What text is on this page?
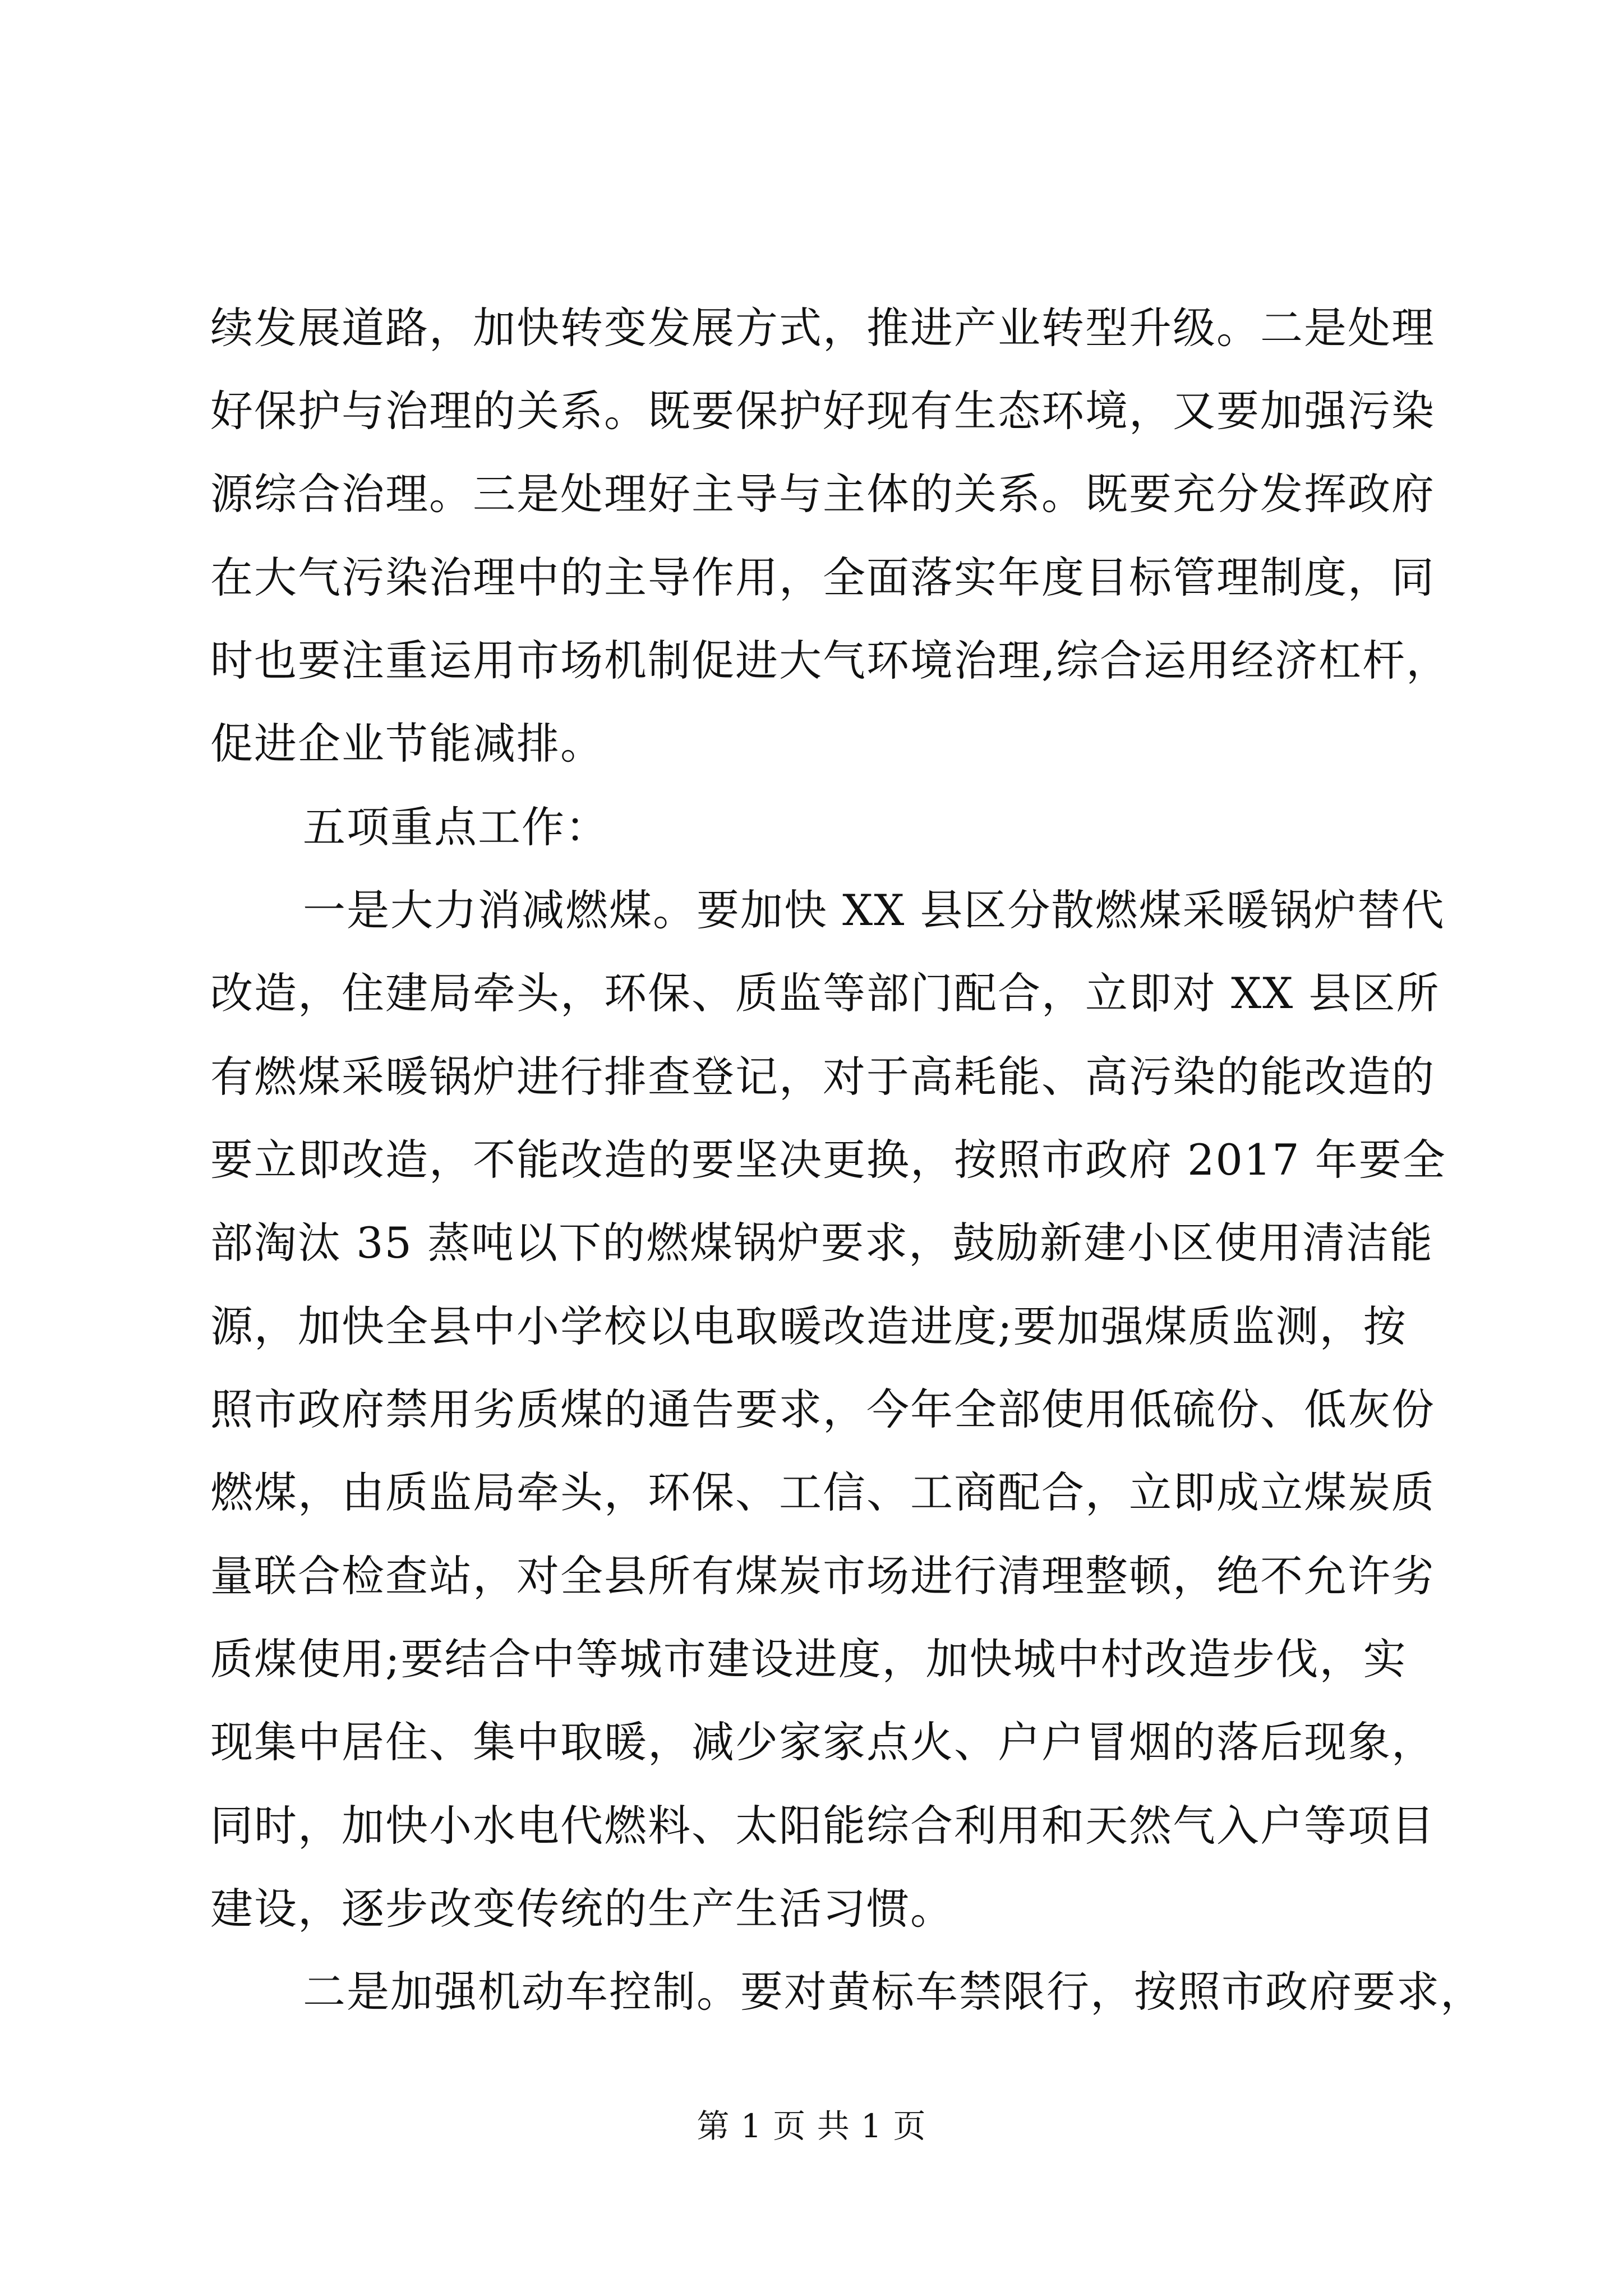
续发展道路，加快转变发展方式，推进产业转型升级。二是处理
好保护与治理的关系。既要保护好现有生态环境，又要加强污染
源综合治理。三是处理好主导与主体的关系。既要充分发挥政府
在大气污染治理中的主导作用，全面落实年度目标管理制度，同
时也要注重运用市场机制促进大气环境治理,综合运用经济杠杆，
促进企业节能减排。
五项重点工作：
一是大力消减燃煤。要加快 XX 县区分散燃煤采暖锅炉替代
改造，住建局牵头，环保、质监等部门配合，立即对 XX 县区所
有燃煤采暖锅炉进行排查登记，对于高耗能、高污染的能改造的
要立即改造，不能改造的要坚决更换，按照市政府 2017 年要全
部淘汰 35 蒸吨以下的燃煤锅炉要求，鼓励新建小区使用清洁能
源，加快全县中小学校以电取暖改造进度;要加强煤质监测，按
照市政府禁用劣质煤的通告要求，今年全部使用低硫份、低灰份
燃煤，由质监局牵头，环保、工信、工商配合，立即成立煤炭质
量联合检查站，对全县所有煤炭市场进行清理整顿，绝不允许劣
质煤使用;要结合中等城市建设进度，加快城中村改造步伐，实
现集中居住、集中取暖，减少家家点火、户户冒烟的落后现象，
同时，加快小水电代燃料、太阳能综合利用和天然气入户等项目
建设，逐步改变传统的生产生活习惯。
二是加强机动车控制。要对黄标车禁限行，按照市政府要求，
第 1 页 共 1 页
